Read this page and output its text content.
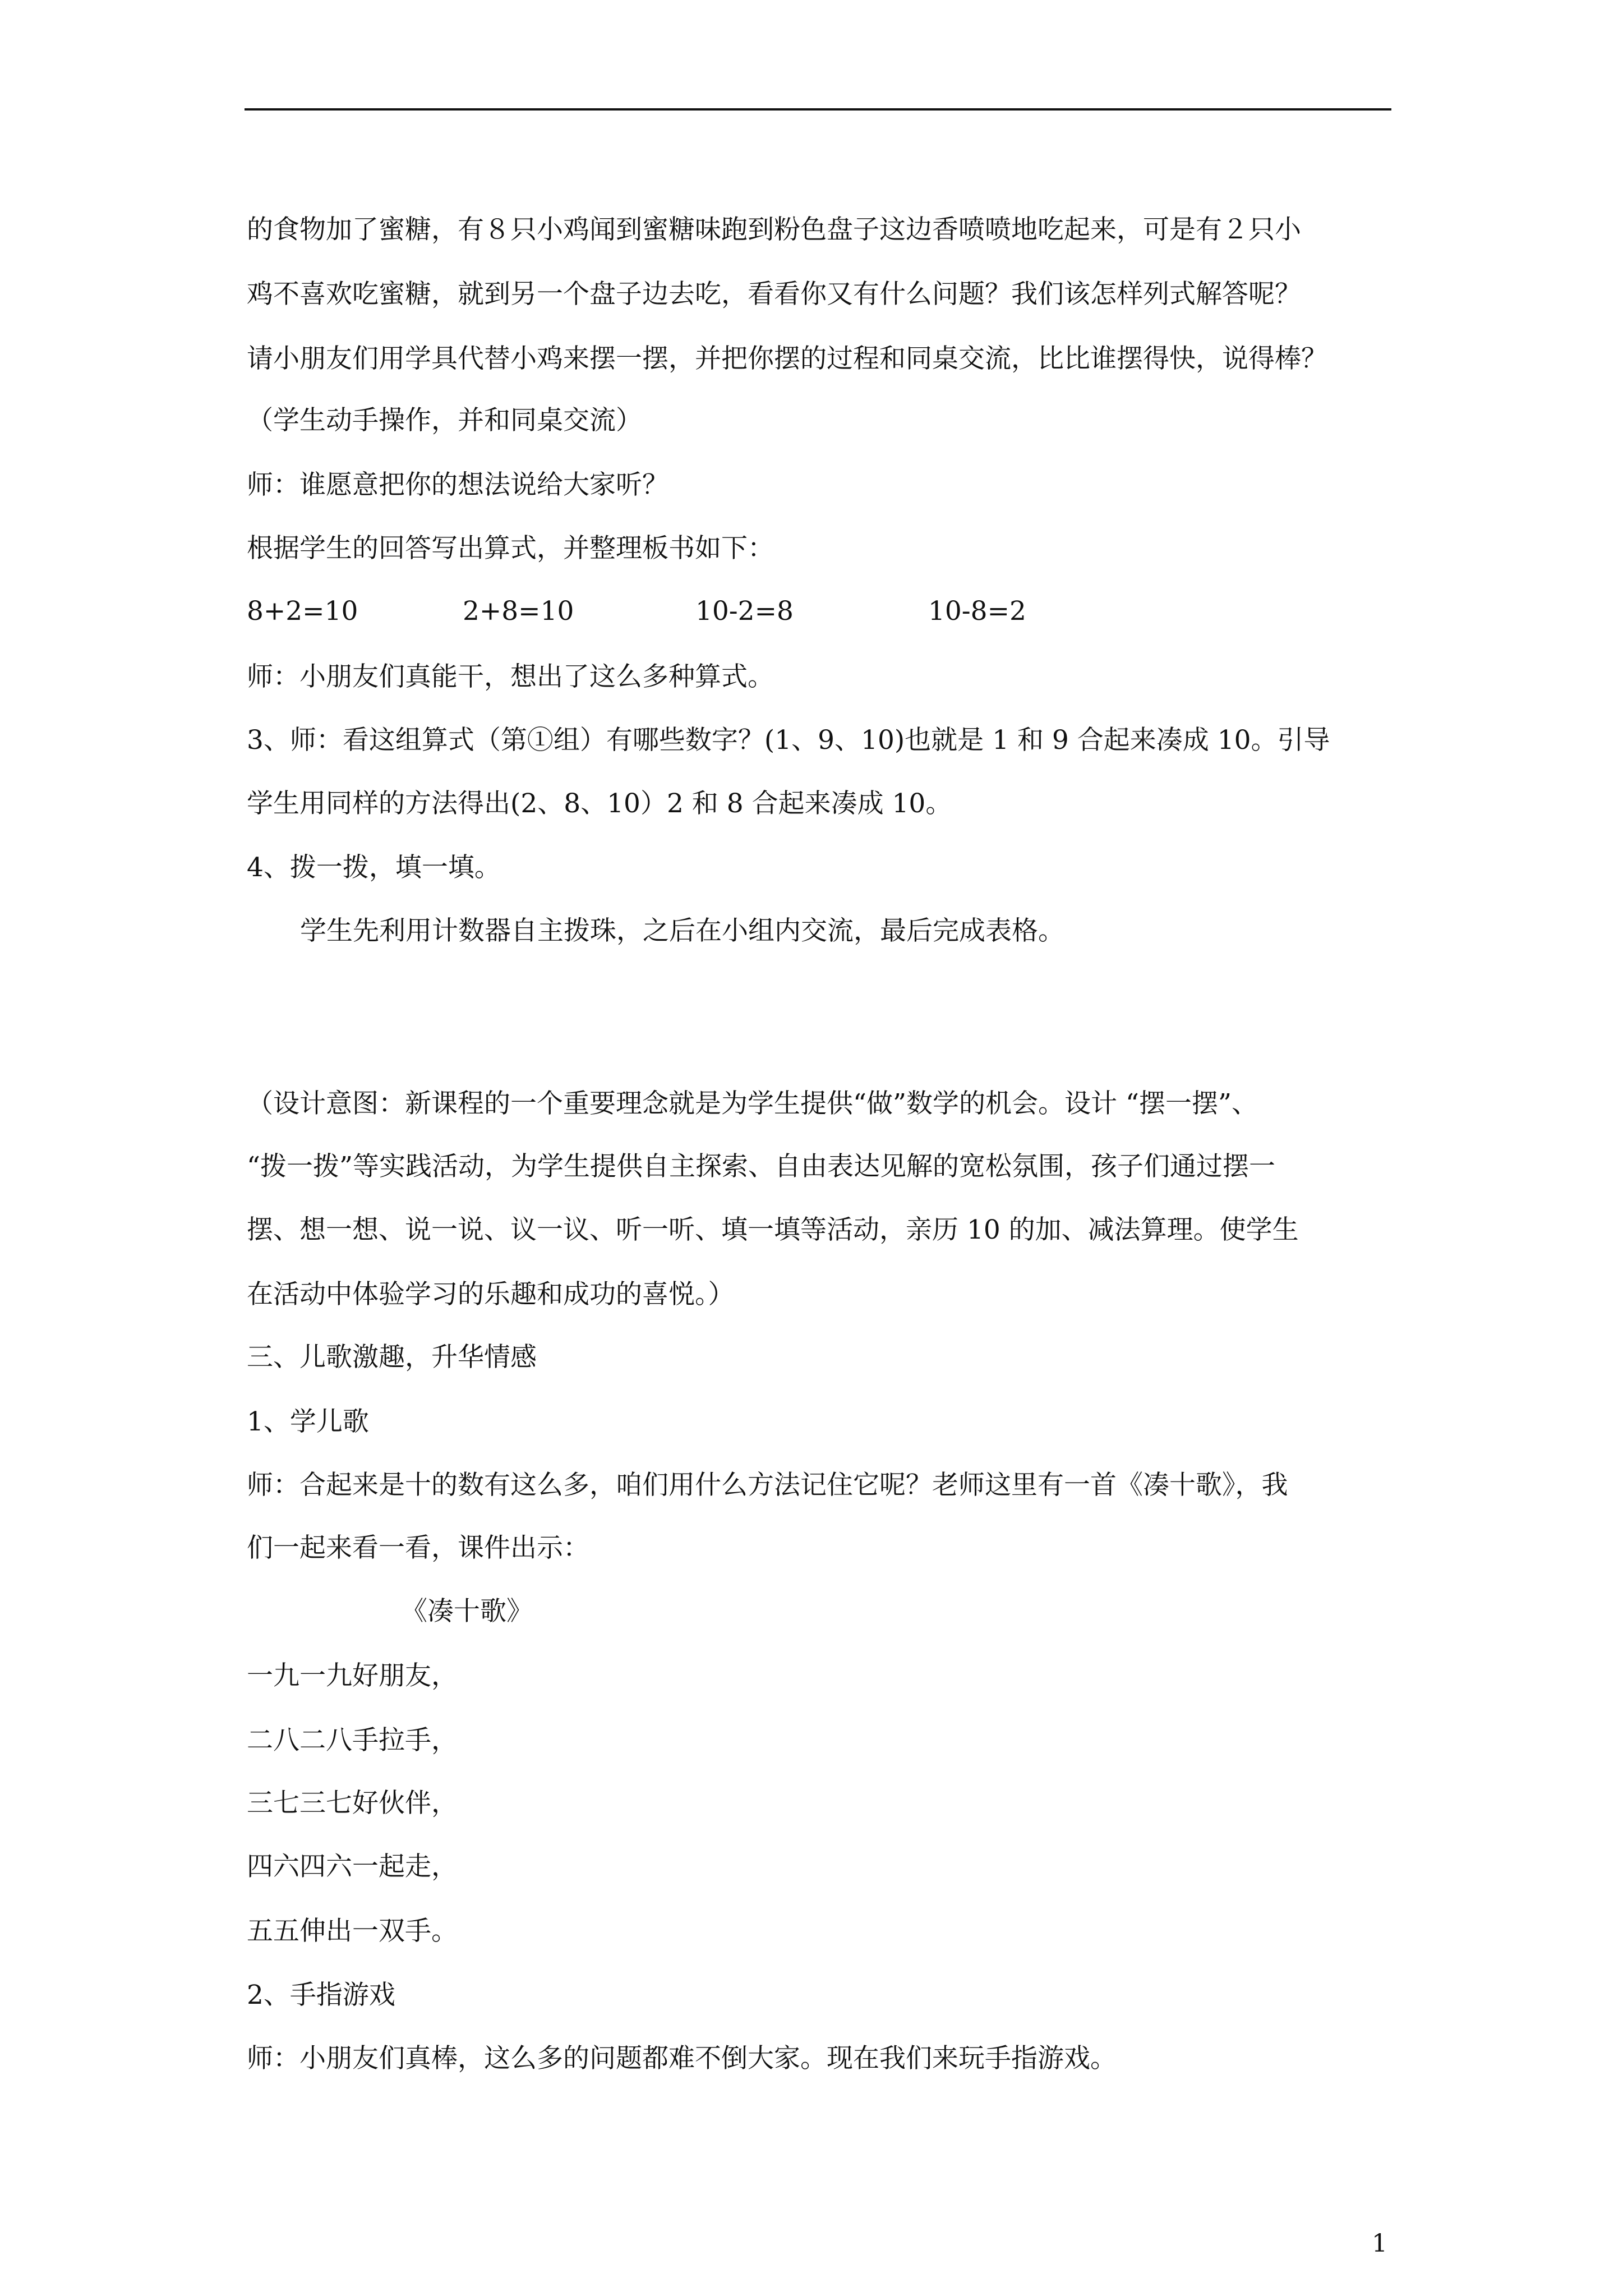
的食物加了蜜糖，有８只小鸡闻到蜜糖味跑到粉色盘子这边香喷喷地吃起来，可是有２只小
鸡不喜欢吃蜜糖，就到另一个盘子边去吃，看看你又有什么问题？我们该怎样列式解答呢？
请小朋友们用学具代替小鸡来摆一摆，并把你摆的过程和同桌交流，比比谁摆得快，说得棒？
（学生动手操作，并和同桌交流）
师：谁愿意把你的想法说给大家听？
根据学生的回答写出算式，并整理板书如下：
8+2=10	2+8=10	10-2=8	10-8=2
师：小朋友们真能干，想出了这么多种算式。
3、师：看这组算式（第①组）有哪些数字？(1、9、10)也就是 1 和 9 合起来凑成 10。引导
学生用同样的方法得出(2、8、10）2 和 8 合起来凑成 10。
4、拨一拨，填一填。
学生先利用计数器自主拨珠，之后在小组内交流，最后完成表格。
（设计意图：新课程的一个重要理念就是为学生提供“做”数学的机会。设计 “摆一摆”、
“拨一拨”等实践活动，为学生提供自主探索、自由表达见解的宽松氛围，孩子们通过摆一
摆、想一想、说一说、议一议、听一听、填一填等活动，亲历 10 的加、减法算理。使学生
在活动中体验学习的乐趣和成功的喜悦。）
三、儿歌激趣，升华情感
1、学儿歌
师：合起来是十的数有这么多，咱们用什么方法记住它呢？老师这里有一首《凑十歌》，我
们一起来看一看，课件出示：
《凑十歌》
一九一九好朋友，
二八二八手拉手，
三七三七好伙伴，
四六四六一起走，
五五伸出一双手。
2、手指游戏
师：小朋友们真棒，这么多的问题都难不倒大家。现在我们来玩手指游戏。
1
